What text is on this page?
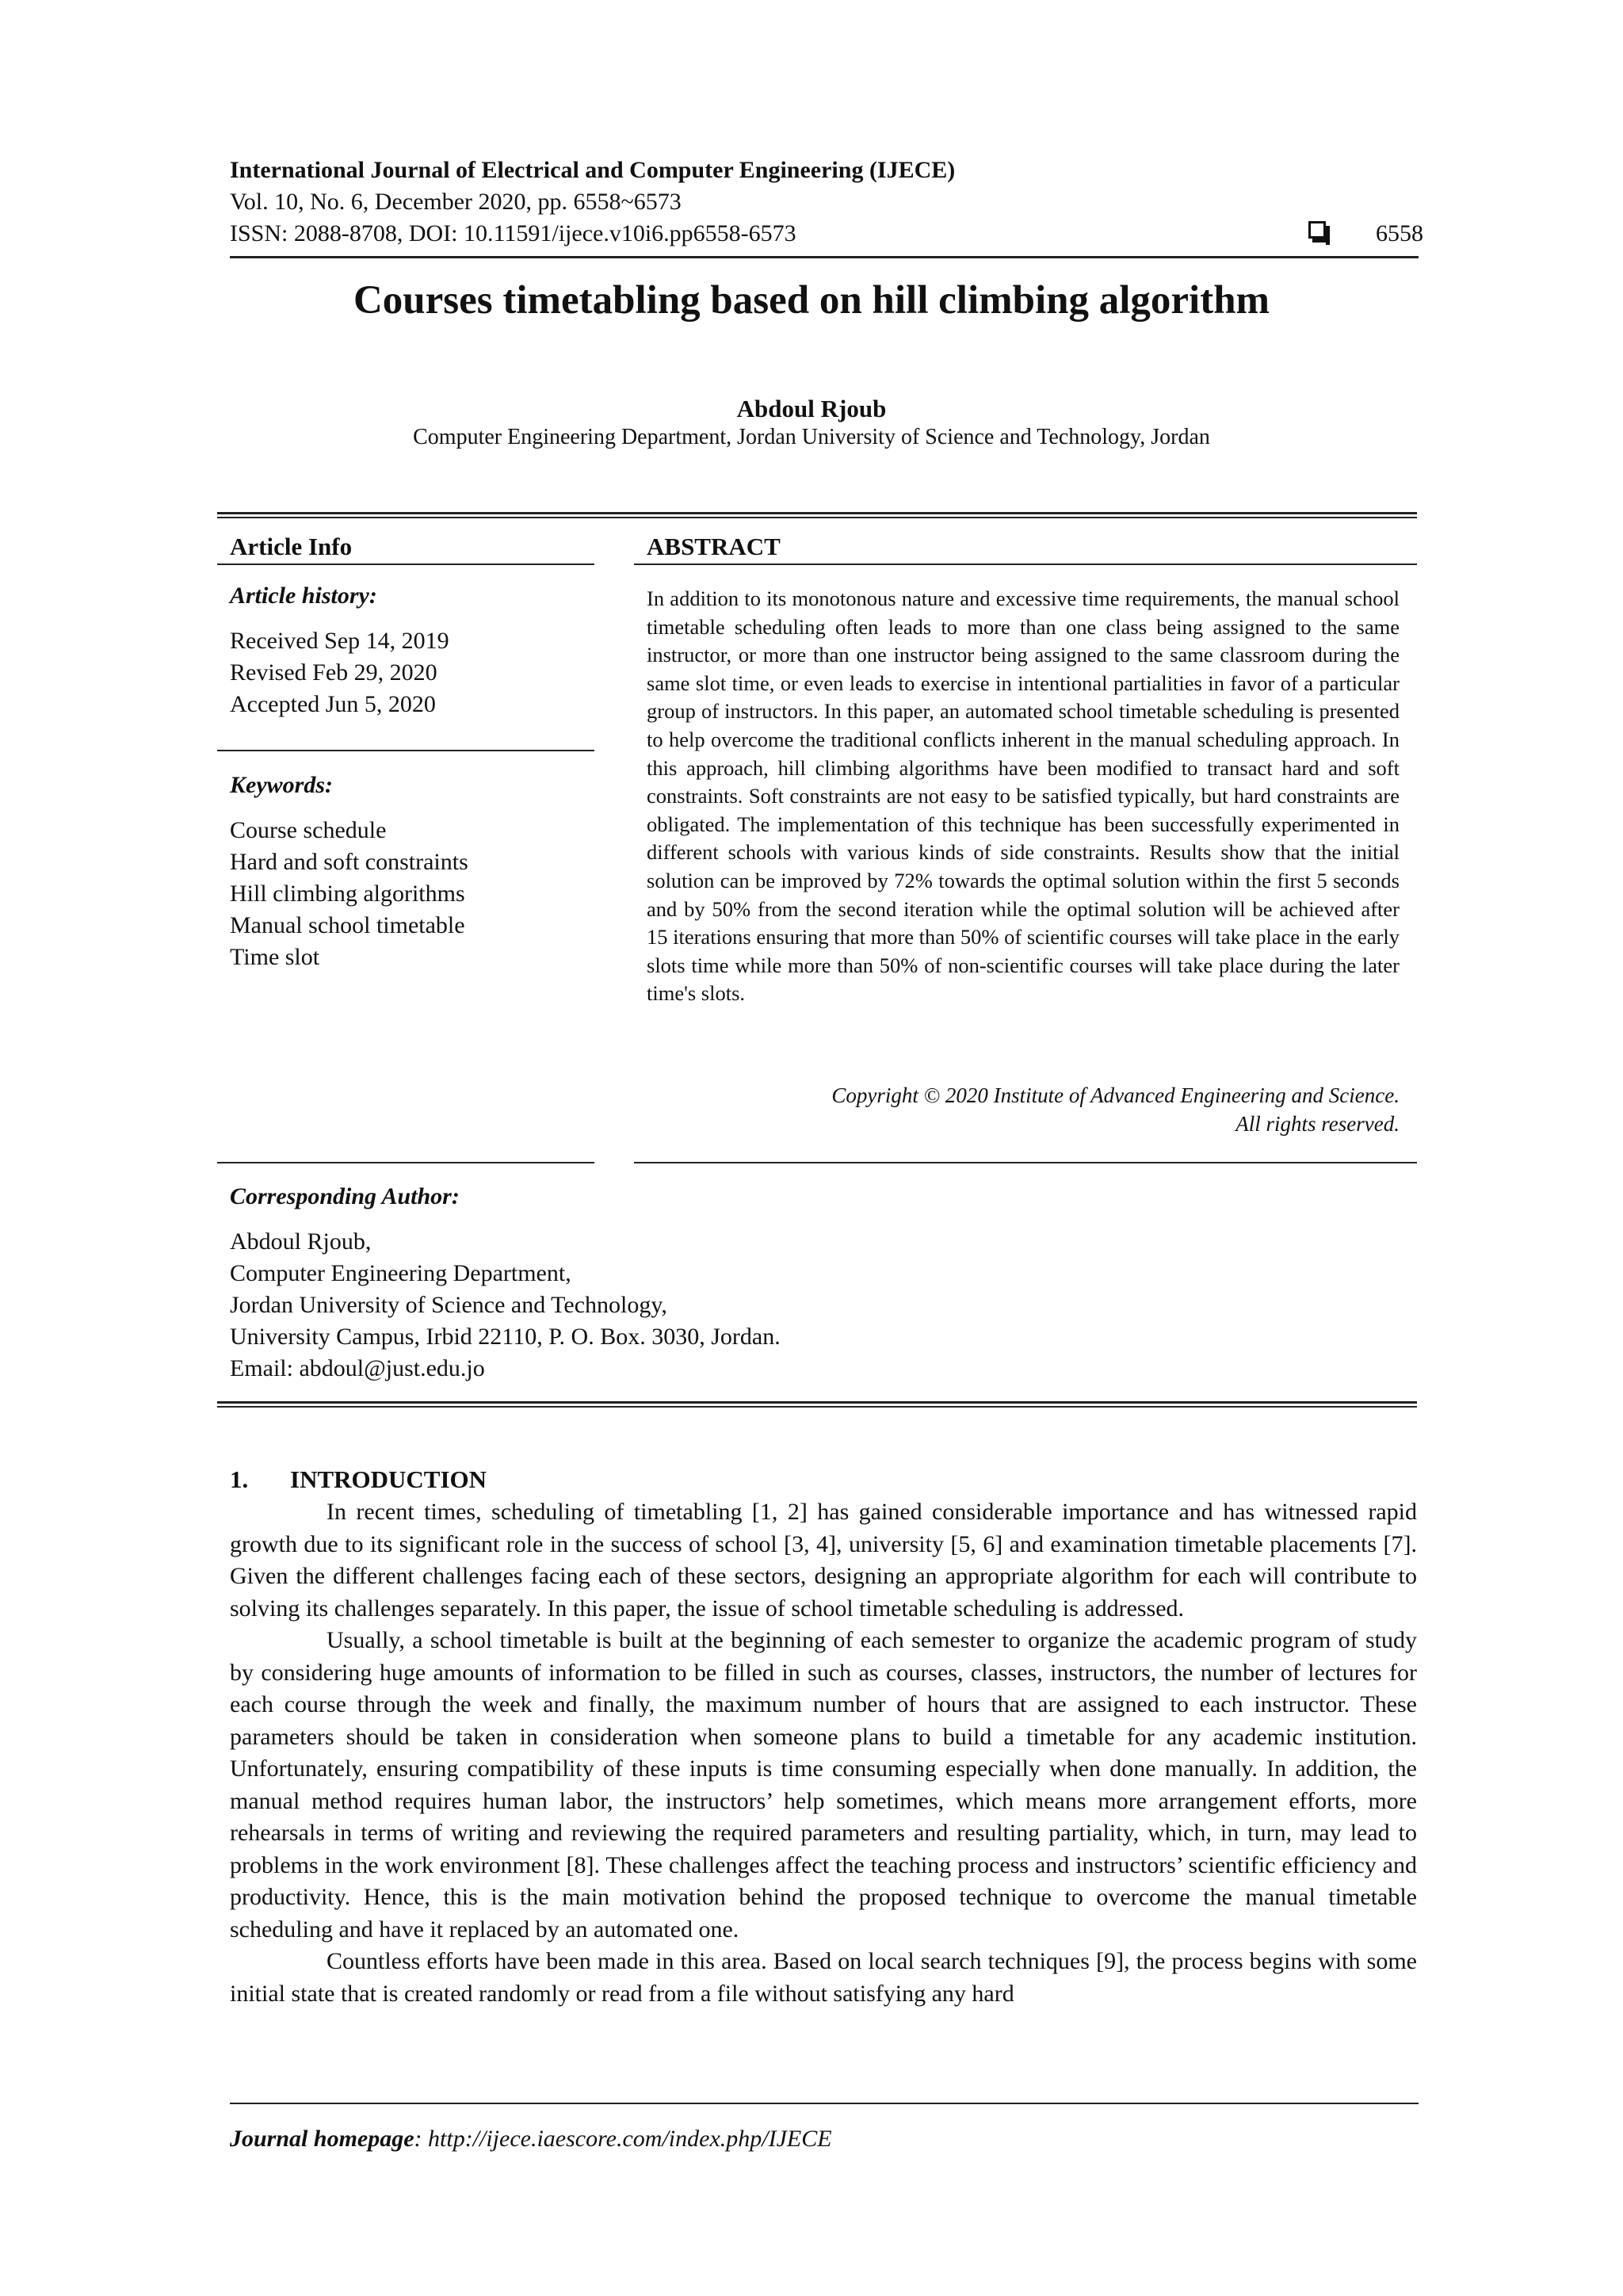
International Journal of Electrical and Computer Engineering (IJECE)
Vol. 10, No. 6, December 2020, pp. 6558~6573
ISSN: 2088-8708, DOI: 10.11591/ijece.v10i6.pp6558-6573	6558
Courses timetabling based on hill climbing algorithm
Abdoul Rjoub
Computer Engineering Department, Jordan University of Science and Technology, Jordan
Article Info
Article history:
Received Sep 14, 2019
Revised Feb 29, 2020
Accepted Jun 5, 2020
Keywords:
Course schedule
Hard and soft constraints
Hill climbing algorithms
Manual school timetable
Time slot
ABSTRACT
In addition to its monotonous nature and excessive time requirements, the manual school timetable scheduling often leads to more than one class being assigned to the same instructor, or more than one instructor being assigned to the same classroom during the same slot time, or even leads to exercise in intentional partialities in favor of a particular group of instructors. In this paper, an automated school timetable scheduling is presented to help overcome the traditional conflicts inherent in the manual scheduling approach. In this approach, hill climbing algorithms have been modified to transact hard and soft constraints. Soft constraints are not easy to be satisfied typically, but hard constraints are obligated. The implementation of this technique has been successfully experimented in different schools with various kinds of side constraints. Results show that the initial solution can be improved by 72% towards the optimal solution within the first 5 seconds and by 50% from the second iteration while the optimal solution will be achieved after 15 iterations ensuring that more than 50% of scientific courses will take place in the early slots time while more than 50% of non-scientific courses will take place during the later time's slots.
Copyright © 2020 Institute of Advanced Engineering and Science.
All rights reserved.
Corresponding Author:
Abdoul Rjoub,
Computer Engineering Department,
Jordan University of Science and Technology,
University Campus, Irbid 22110, P. O. Box. 3030, Jordan.
Email: abdoul@just.edu.jo
1. INTRODUCTION

In recent times, scheduling of timetabling [1, 2] has gained considerable importance and has witnessed rapid growth due to its significant role in the success of school [3, 4], university [5, 6] and examination timetable placements [7]. Given the different challenges facing each of these sectors, designing an appropriate algorithm for each will contribute to solving its challenges separately. In this paper, the issue of school timetable scheduling is addressed.

Usually, a school timetable is built at the beginning of each semester to organize the academic program of study by considering huge amounts of information to be filled in such as courses, classes, instructors, the number of lectures for each course through the week and finally, the maximum number of hours that are assigned to each instructor. These parameters should be taken in consideration when someone plans to build a timetable for any academic institution. Unfortunately, ensuring compatibility of these inputs is time consuming especially when done manually. In addition, the manual method requires human labor, the instructors’ help sometimes, which means more arrangement efforts, more rehearsals in terms of writing and reviewing the required parameters and resulting partiality, which, in turn, may lead to problems in the work environment [8]. These challenges affect the teaching process and instructors’ scientific efficiency and productivity. Hence, this is the main motivation behind the proposed technique to overcome the manual timetable scheduling and have it replaced by an automated one.

Countless efforts have been made in this area. Based on local search techniques [9], the process begins with some initial state that is created randomly or read from a file without satisfying any hard

Journal homepage: http://ijece.iaescore.com/index.php/IJECE
